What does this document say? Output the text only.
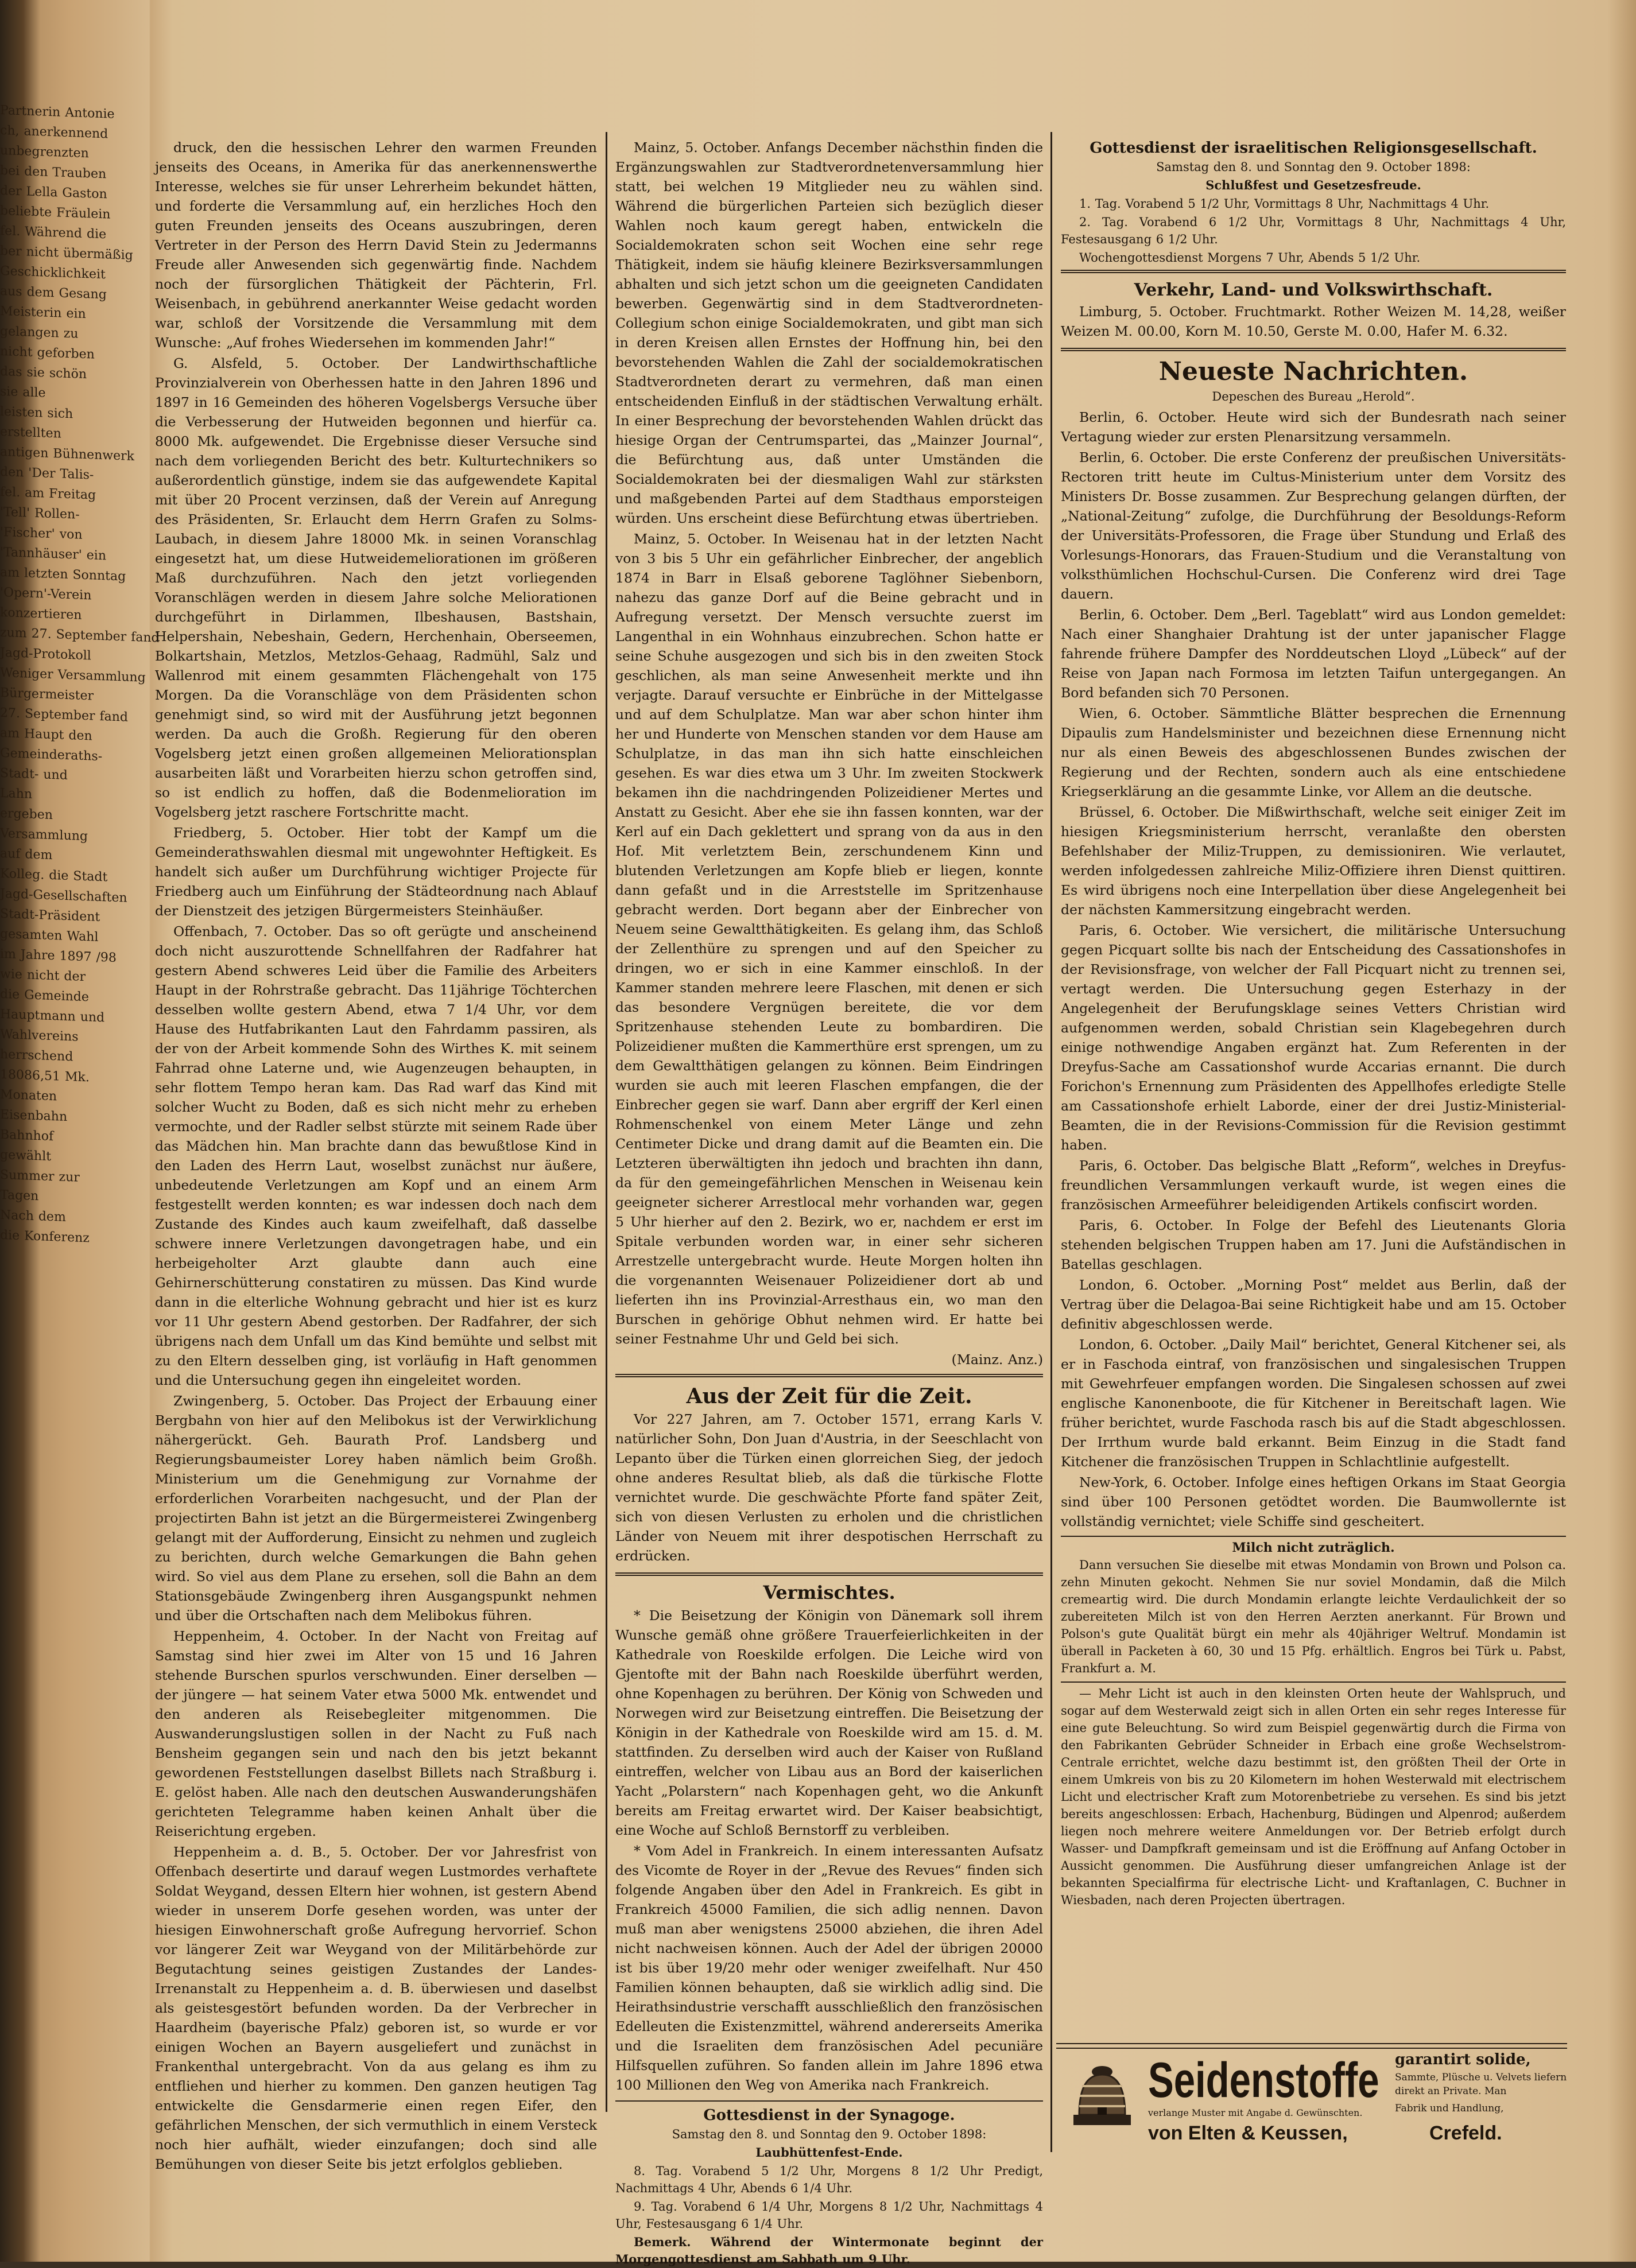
Partnerin Antonie
ch, anerkennend
unbegrenzten
bei den Trauben
der Lella Gaston
beliebte Fräulein
fel. Während die
ber nicht übermäßig
Geschicklichkeit
aus dem Gesang
Meisterin ein
gelangen zu
nicht geforben
das sie schön
sie alle
leisten sich
erstellten
antigen Bühnenwerk
den 'Der Talis-
fel. am Freitag
'Tell' Rollen-
'Fischer' von
'Tannhäuser' ein
am letzten Sonntag
'Opern'-Verein
konzertieren
zum 27. September fand
Jagd-Protokoll
Weniger Versammlung
Bürgermeister
27. September fand
am Haupt den
Gemeinderaths-
Stadt- und
Lahn
ergeben
Versammlung
auf dem
Kolleg. die Stadt
Jagd-Gesellschaften
Stadt-Präsident
gesamten Wahl
im Jahre 1897 /98
wie nicht der
die Gemeinde
Hauptmann und
Wahlvereins
herrschend
18086,51 Mk.
Monaten
Eisenbahn
Bahnhof
gewählt
Summer zur
Tagen
Nach dem
die Konferenz

druck, den die hessischen Lehrer den warmen Freunden jenseits des Oceans, in Amerika für das anerkennenswerthe Interesse, welches sie für unser Lehrerheim bekundet hätten, und forderte die Versammlung auf, ein herzliches Hoch den guten Freunden jenseits des Oceans auszubringen, deren Vertreter in der Person des Herrn David Stein zu Jedermanns Freude aller Anwesenden sich gegenwärtig finde. Nachdem noch der fürsorglichen Thätigkeit der Pächterin, Frl. Weisenbach, in gebührend anerkannter Weise gedacht worden war, schloß der Vorsitzende die Versammlung mit dem Wunsche: „Auf frohes Wiedersehen im kommenden Jahr!“

G. Alsfeld, 5. October. Der Landwirthschaftliche Provinzialverein von Oberhessen hatte in den Jahren 1896 und 1897 in 16 Gemeinden des höheren Vogelsbergs Versuche über die Verbesserung der Hutweiden begonnen und hierfür ca. 8000 Mk. aufgewendet. Die Ergebnisse dieser Versuche sind nach dem vorliegenden Bericht des betr. Kulturtechnikers so außerordentlich günstige, indem sie das aufgewendete Kapital mit über 20 Procent verzinsen, daß der Verein auf Anregung des Präsidenten, Sr. Erlaucht dem Herrn Grafen zu Solms-Laubach, in diesem Jahre 18000 Mk. in seinen Voranschlag eingesetzt hat, um diese Hutweidemeliorationen im größeren Maß durchzuführen. Nach den jetzt vorliegenden Voranschlägen werden in diesem Jahre solche Meliorationen durchgeführt in Dirlammen, Ilbeshausen, Bastshain, Helpershain, Nebeshain, Gedern, Herchenhain, Oberseemen, Bolkartshain, Metzlos, Metzlos-Gehaag, Radmühl, Salz und Wallenrod mit einem gesammten Flächengehalt von 175 Morgen. Da die Voranschläge von dem Präsidenten schon genehmigt sind, so wird mit der Ausführung jetzt begonnen werden. Da auch die Großh. Regierung für den oberen Vogelsberg jetzt einen großen allgemeinen Meliorationsplan ausarbeiten läßt und Vorarbeiten hierzu schon getroffen sind, so ist endlich zu hoffen, daß die Bodenmelioration im Vogelsberg jetzt raschere Fortschritte macht.

Friedberg, 5. October. Hier tobt der Kampf um die Gemeinderathswahlen diesmal mit ungewohnter Heftigkeit. Es handelt sich außer um Durchführung wichtiger Projecte für Friedberg auch um Einführung der Städteordnung nach Ablauf der Dienstzeit des jetzigen Bürgermeisters Steinhäußer.

Offenbach, 7. October. Das so oft gerügte und anscheinend doch nicht auszurottende Schnellfahren der Radfahrer hat gestern Abend schweres Leid über die Familie des Arbeiters Haupt in der Rohrstraße gebracht. Das 11jährige Töchterchen desselben wollte gestern Abend, etwa 7 1/4 Uhr, vor dem Hause des Hutfabrikanten Laut den Fahrdamm passiren, als der von der Arbeit kommende Sohn des Wirthes K. mit seinem Fahrrad ohne Laterne und, wie Augenzeugen behaupten, in sehr flottem Tempo heran kam. Das Rad warf das Kind mit solcher Wucht zu Boden, daß es sich nicht mehr zu erheben vermochte, und der Radler selbst stürzte mit seinem Rade über das Mädchen hin. Man brachte dann das bewußtlose Kind in den Laden des Herrn Laut, woselbst zunächst nur äußere, unbedeutende Verletzungen am Kopf und an einem Arm festgestellt werden konnten; es war indessen doch nach dem Zustande des Kindes auch kaum zweifelhaft, daß dasselbe schwere innere Verletzungen davongetragen habe, und ein herbeigeholter Arzt glaubte dann auch eine Gehirnerschütterung constatiren zu müssen. Das Kind wurde dann in die elterliche Wohnung gebracht und hier ist es kurz vor 11 Uhr gestern Abend gestorben. Der Radfahrer, der sich übrigens nach dem Unfall um das Kind bemühte und selbst mit zu den Eltern desselben ging, ist vorläufig in Haft genommen und die Untersuchung gegen ihn eingeleitet worden.

Zwingenberg, 5. October. Das Project der Erbauung einer Bergbahn von hier auf den Melibokus ist der Verwirklichung nähergerückt. Geh. Baurath Prof. Landsberg und Regierungsbaumeister Lorey haben nämlich beim Großh. Ministerium um die Genehmigung zur Vornahme der erforderlichen Vorarbeiten nachgesucht, und der Plan der projectirten Bahn ist jetzt an die Bürgermeisterei Zwingenberg gelangt mit der Aufforderung, Einsicht zu nehmen und zugleich zu berichten, durch welche Gemarkungen die Bahn gehen wird. So viel aus dem Plane zu ersehen, soll die Bahn an dem Stationsgebäude Zwingenberg ihren Ausgangspunkt nehmen und über die Ortschaften nach dem Melibokus führen.

Heppenheim, 4. October. In der Nacht von Freitag auf Samstag sind hier zwei im Alter von 15 und 16 Jahren stehende Burschen spurlos verschwunden. Einer derselben — der jüngere — hat seinem Vater etwa 5000 Mk. entwendet und den anderen als Reisebegleiter mitgenommen. Die Auswanderungslustigen sollen in der Nacht zu Fuß nach Bensheim gegangen sein und nach den bis jetzt bekannt gewordenen Feststellungen daselbst Billets nach Straßburg i. E. gelöst haben. Alle nach den deutschen Auswanderungshäfen gerichteten Telegramme haben keinen Anhalt über die Reiserichtung ergeben.

Heppenheim a. d. B., 5. October. Der vor Jahresfrist von Offenbach desertirte und darauf wegen Lustmordes verhaftete Soldat Weygand, dessen Eltern hier wohnen, ist gestern Abend wieder in unserem Dorfe gesehen worden, was unter der hiesigen Einwohnerschaft große Aufregung hervorrief. Schon vor längerer Zeit war Weygand von der Militärbehörde zur Begutachtung seines geistigen Zustandes der Landes-Irrenanstalt zu Heppenheim a. d. B. überwiesen und daselbst als geistesgestört befunden worden. Da der Verbrecher in Haardheim (bayerische Pfalz) geboren ist, so wurde er vor einigen Wochen an Bayern ausgeliefert und zunächst in Frankenthal untergebracht. Von da aus gelang es ihm zu entfliehen und hierher zu kommen. Den ganzen heutigen Tag entwickelte die Gensdarmerie einen regen Eifer, den gefährlichen Menschen, der sich vermuthlich in einem Versteck noch hier aufhält, wieder einzufangen; doch sind alle Bemühungen von dieser Seite bis jetzt erfolglos geblieben.

Mainz, 5. October. Anfangs December nächsthin finden die Ergänzungswahlen zur Stadtverordnetenversammlung hier statt, bei welchen 19 Mitglieder neu zu wählen sind. Während die bürgerlichen Parteien sich bezüglich dieser Wahlen noch kaum geregt haben, entwickeln die Socialdemokraten schon seit Wochen eine sehr rege Thätigkeit, indem sie häufig kleinere Bezirksversammlungen abhalten und sich jetzt schon um die geeigneten Candidaten bewerben. Gegenwärtig sind in dem Stadtverordneten-Collegium schon einige Socialdemokraten, und gibt man sich in deren Kreisen allen Ernstes der Hoffnung hin, bei den bevorstehenden Wahlen die Zahl der socialdemokratischen Stadtverordneten derart zu vermehren, daß man einen entscheidenden Einfluß in der städtischen Verwaltung erhält. In einer Besprechung der bevorstehenden Wahlen drückt das hiesige Organ der Centrumspartei, das „Mainzer Journal“, die Befürchtung aus, daß unter Umständen die Socialdemokraten bei der diesmaligen Wahl zur stärksten und maßgebenden Partei auf dem Stadthaus emporsteigen würden. Uns erscheint diese Befürchtung etwas übertrieben.

Mainz, 5. October. In Weisenau hat in der letzten Nacht von 3 bis 5 Uhr ein gefährlicher Einbrecher, der angeblich 1874 in Barr in Elsaß geborene Taglöhner Siebenborn, nahezu das ganze Dorf auf die Beine gebracht und in Aufregung versetzt. Der Mensch versuchte zuerst im Langenthal in ein Wohnhaus einzubrechen. Schon hatte er seine Schuhe ausgezogen und sich bis in den zweiten Stock geschlichen, als man seine Anwesenheit merkte und ihn verjagte. Darauf versuchte er Einbrüche in der Mittelgasse und auf dem Schulplatze. Man war aber schon hinter ihm her und Hunderte von Menschen standen vor dem Hause am Schulplatze, in das man ihn sich hatte einschleichen gesehen. Es war dies etwa um 3 Uhr. Im zweiten Stockwerk bekamen ihn die nachdringenden Polizeidiener Mertes und Anstatt zu Gesicht. Aber ehe sie ihn fassen konnten, war der Kerl auf ein Dach geklettert und sprang von da aus in den Hof. Mit verletztem Bein, zerschundenem Kinn und blutenden Verletzungen am Kopfe blieb er liegen, konnte dann gefaßt und in die Arreststelle im Spritzenhause gebracht werden. Dort begann aber der Einbrecher von Neuem seine Gewaltthätigkeiten. Es gelang ihm, das Schloß der Zellenthüre zu sprengen und auf den Speicher zu dringen, wo er sich in eine Kammer einschloß. In der Kammer standen mehrere leere Flaschen, mit denen er sich das besondere Vergnügen bereitete, die vor dem Spritzenhause stehenden Leute zu bombardiren. Die Polizeidiener mußten die Kammerthüre erst sprengen, um zu dem Gewaltthätigen gelangen zu können. Beim Eindringen wurden sie auch mit leeren Flaschen empfangen, die der Einbrecher gegen sie warf. Dann aber ergriff der Kerl einen Rohmenschenkel von einem Meter Länge und zehn Centimeter Dicke und drang damit auf die Beamten ein. Die Letzteren überwältigten ihn jedoch und brachten ihn dann, da für den gemeingefährlichen Menschen in Weisenau kein geeigneter sicherer Arrestlocal mehr vorhanden war, gegen 5 Uhr hierher auf den 2. Bezirk, wo er, nachdem er erst im Spitale verbunden worden war, in einer sehr sicheren Arrestzelle untergebracht wurde. Heute Morgen holten ihn die vorgenannten Weisenauer Polizeidiener dort ab und lieferten ihn ins Provinzial-Arresthaus ein, wo man den Burschen in gehörige Obhut nehmen wird. Er hatte bei seiner Festnahme Uhr und Geld bei sich.

(Mainz. Anz.)

Aus der Zeit für die Zeit.

Vor 227 Jahren, am 7. October 1571, errang Karls V. natürlicher Sohn, Don Juan d'Austria, in der Seeschlacht von Lepanto über die Türken einen glorreichen Sieg, der jedoch ohne anderes Resultat blieb, als daß die türkische Flotte vernichtet wurde. Die geschwächte Pforte fand später Zeit, sich von diesen Verlusten zu erholen und die christlichen Länder von Neuem mit ihrer despotischen Herrschaft zu erdrücken.

Vermischtes.

* Die Beisetzung der Königin von Dänemark soll ihrem Wunsche gemäß ohne größere Trauerfeierlichkeiten in der Kathedrale von Roeskilde erfolgen. Die Leiche wird von Gjentofte mit der Bahn nach Roeskilde überführt werden, ohne Kopenhagen zu berühren. Der König von Schweden und Norwegen wird zur Beisetzung eintreffen. Die Beisetzung der Königin in der Kathedrale von Roeskilde wird am 15. d. M. stattfinden. Zu derselben wird auch der Kaiser von Rußland eintreffen, welcher von Libau aus an Bord der kaiserlichen Yacht „Polarstern“ nach Kopenhagen geht, wo die Ankunft bereits am Freitag erwartet wird. Der Kaiser beabsichtigt, eine Woche auf Schloß Bernstorff zu verbleiben.

* Vom Adel in Frankreich. In einem interessanten Aufsatz des Vicomte de Royer in der „Revue des Revues“ finden sich folgende Angaben über den Adel in Frankreich. Es gibt in Frankreich 45000 Familien, die sich adlig nennen. Davon muß man aber wenigstens 25000 abziehen, die ihren Adel nicht nachweisen können. Auch der Adel der übrigen 20000 ist bis über 19/20 mehr oder weniger zweifelhaft. Nur 450 Familien können behaupten, daß sie wirklich adlig sind. Die Heirathsindustrie verschafft ausschließlich den französischen Edelleuten die Existenzmittel, während andererseits Amerika und die Israeliten dem französischen Adel pecuniäre Hilfsquellen zuführen. So fanden allein im Jahre 1896 etwa 100 Millionen den Weg von Amerika nach Frankreich.

Gottesdienst in der Synagoge.

Samstag den 8. und Sonntag den 9. October 1898:

Laubhüttenfest-Ende.

8. Tag. Vorabend 5 1/2 Uhr, Morgens 8 1/2 Uhr Predigt, Nachmittags 4 Uhr, Abends 6 1/4 Uhr.

9. Tag. Vorabend 6 1/4 Uhr, Morgens 8 1/2 Uhr, Nachmittags 4 Uhr, Festesausgang 6 1/4 Uhr.

Bemerk. Während der Wintermonate beginnt der Morgengottesdienst am Sabbath um 9 Uhr.

Gottesdienst der israelitischen Religionsgesellschaft.

Samstag den 8. und Sonntag den 9. October 1898:

Schlußfest und Gesetzesfreude.

1. Tag. Vorabend 5 1/2 Uhr, Vormittags 8 Uhr, Nachmittags 4 Uhr.

2. Tag. Vorabend 6 1/2 Uhr, Vormittags 8 Uhr, Nachmittags 4 Uhr, Festesausgang 6 1/2 Uhr.

Wochengottesdienst Morgens 7 Uhr, Abends 5 1/2 Uhr.

Verkehr, Land- und Volkswirthschaft.

Limburg, 5. October. Fruchtmarkt. Rother Weizen M. 14,28, weißer Weizen M. 00.00, Korn M. 10.50, Gerste M. 0.00, Hafer M. 6.32.

Neueste Nachrichten.
Depeschen des Bureau „Herold“.

Berlin, 6. October. Heute wird sich der Bundesrath nach seiner Vertagung wieder zur ersten Plenarsitzung versammeln.

Berlin, 6. October. Die erste Conferenz der preußischen Universitäts-Rectoren tritt heute im Cultus-Ministerium unter dem Vorsitz des Ministers Dr. Bosse zusammen. Zur Besprechung gelangen dürften, der „National-Zeitung“ zufolge, die Durchführung der Besoldungs-Reform der Universitäts-Professoren, die Frage über Stundung und Erlaß des Vorlesungs-Honorars, das Frauen-Studium und die Veranstaltung von volksthümlichen Hochschul-Cursen. Die Conferenz wird drei Tage dauern.

Berlin, 6. October. Dem „Berl. Tageblatt“ wird aus London gemeldet: Nach einer Shanghaier Drahtung ist der unter japanischer Flagge fahrende frühere Dampfer des Norddeutschen Lloyd „Lübeck“ auf der Reise von Japan nach Formosa im letzten Taifun untergegangen. An Bord befanden sich 70 Personen.

Wien, 6. October. Sämmtliche Blätter besprechen die Ernennung Dipaulis zum Handelsminister und bezeichnen diese Ernennung nicht nur als einen Beweis des abgeschlossenen Bundes zwischen der Regierung und der Rechten, sondern auch als eine entschiedene Kriegserklärung an die gesammte Linke, vor Allem an die deutsche.

Brüssel, 6. October. Die Mißwirthschaft, welche seit einiger Zeit im hiesigen Kriegsministerium herrscht, veranlaßte den obersten Befehlshaber der Miliz-Truppen, zu demissioniren. Wie verlautet, werden infolgedessen zahlreiche Miliz-Offiziere ihren Dienst quittiren. Es wird übrigens noch eine Interpellation über diese Angelegenheit bei der nächsten Kammersitzung eingebracht werden.

Paris, 6. October. Wie versichert, die militärische Untersuchung gegen Picquart sollte bis nach der Entscheidung des Cassationshofes in der Revisionsfrage, von welcher der Fall Picquart nicht zu trennen sei, vertagt werden. Die Untersuchung gegen Esterhazy in der Angelegenheit der Berufungsklage seines Vetters Christian wird aufgenommen werden, sobald Christian sein Klagebegehren durch einige nothwendige Angaben ergänzt hat. Zum Referenten in der Dreyfus-Sache am Cassationshof wurde Accarias ernannt. Die durch Forichon's Ernennung zum Präsidenten des Appellhofes erledigte Stelle am Cassationshofe erhielt Laborde, einer der drei Justiz-Ministerial-Beamten, die in der Revisions-Commission für die Revision gestimmt haben.

Paris, 6. October. Das belgische Blatt „Reform“, welches in Dreyfus-freundlichen Versammlungen verkauft wurde, ist wegen eines die französischen Armeeführer beleidigenden Artikels confiscirt worden.

Paris, 6. October. In Folge der Befehl des Lieutenants Gloria stehenden belgischen Truppen haben am 17. Juni die Aufständischen in Batellas geschlagen.

London, 6. October. „Morning Post“ meldet aus Berlin, daß der Vertrag über die Delagoa-Bai seine Richtigkeit habe und am 15. October definitiv abgeschlossen werde.

London, 6. October. „Daily Mail“ berichtet, General Kitchener sei, als er in Faschoda eintraf, von französischen und singalesischen Truppen mit Gewehrfeuer empfangen worden. Die Singalesen schossen auf zwei englische Kanonenboote, die für Kitchener in Bereitschaft lagen. Wie früher berichtet, wurde Faschoda rasch bis auf die Stadt abgeschlossen. Der Irrthum wurde bald erkannt. Beim Einzug in die Stadt fand Kitchener die französischen Truppen in Schlachtlinie aufgestellt.

New-York, 6. October. Infolge eines heftigen Orkans im Staat Georgia sind über 100 Personen getödtet worden. Die Baumwollernte ist vollständig vernichtet; viele Schiffe sind gescheitert.

Milch nicht zuträglich.

Dann versuchen Sie dieselbe mit etwas Mondamin von Brown und Polson ca. zehn Minuten gekocht. Nehmen Sie nur soviel Mondamin, daß die Milch cremeartig wird. Die durch Mondamin erlangte leichte Verdaulichkeit der so zubereiteten Milch ist von den Herren Aerzten anerkannt. Für Brown und Polson's gute Qualität bürgt ein mehr als 40jähriger Weltruf. Mondamin ist überall in Packeten à 60, 30 und 15 Pfg. erhältlich. Engros bei Türk u. Pabst, Frankfurt a. M.

— Mehr Licht ist auch in den kleinsten Orten heute der Wahlspruch, und sogar auf dem Westerwald zeigt sich in allen Orten ein sehr reges Interesse für eine gute Beleuchtung. So wird zum Beispiel gegenwärtig durch die Firma von den Fabrikanten Gebrüder Schneider in Erbach eine große Wechselstrom-Centrale errichtet, welche dazu bestimmt ist, den größten Theil der Orte in einem Umkreis von bis zu 20 Kilometern im hohen Westerwald mit electrischem Licht und electrischer Kraft zum Motorenbetriebe zu versehen. Es sind bis jetzt bereits angeschlossen: Erbach, Hachenburg, Büdingen und Alpenrod; außerdem liegen noch mehrere weitere Anmeldungen vor. Der Betrieb erfolgt durch Wasser- und Dampfkraft gemeinsam und ist die Eröffnung auf Anfang October in Aussicht genommen. Die Ausführung dieser umfangreichen Anlage ist der bekannten Specialfirma für electrische Licht- und Kraftanlagen, C. Buchner in Wiesbaden, nach deren Projecten übertragen.

Seidenstoffe garantirt solide,
Sammte, Plüsche u. Velvets liefern direkt an Private. Man
verlange Muster mit Angabe d. Gewünschten.	Fabrik und Handlung,
von Elten & Keussen,	Crefeld.
